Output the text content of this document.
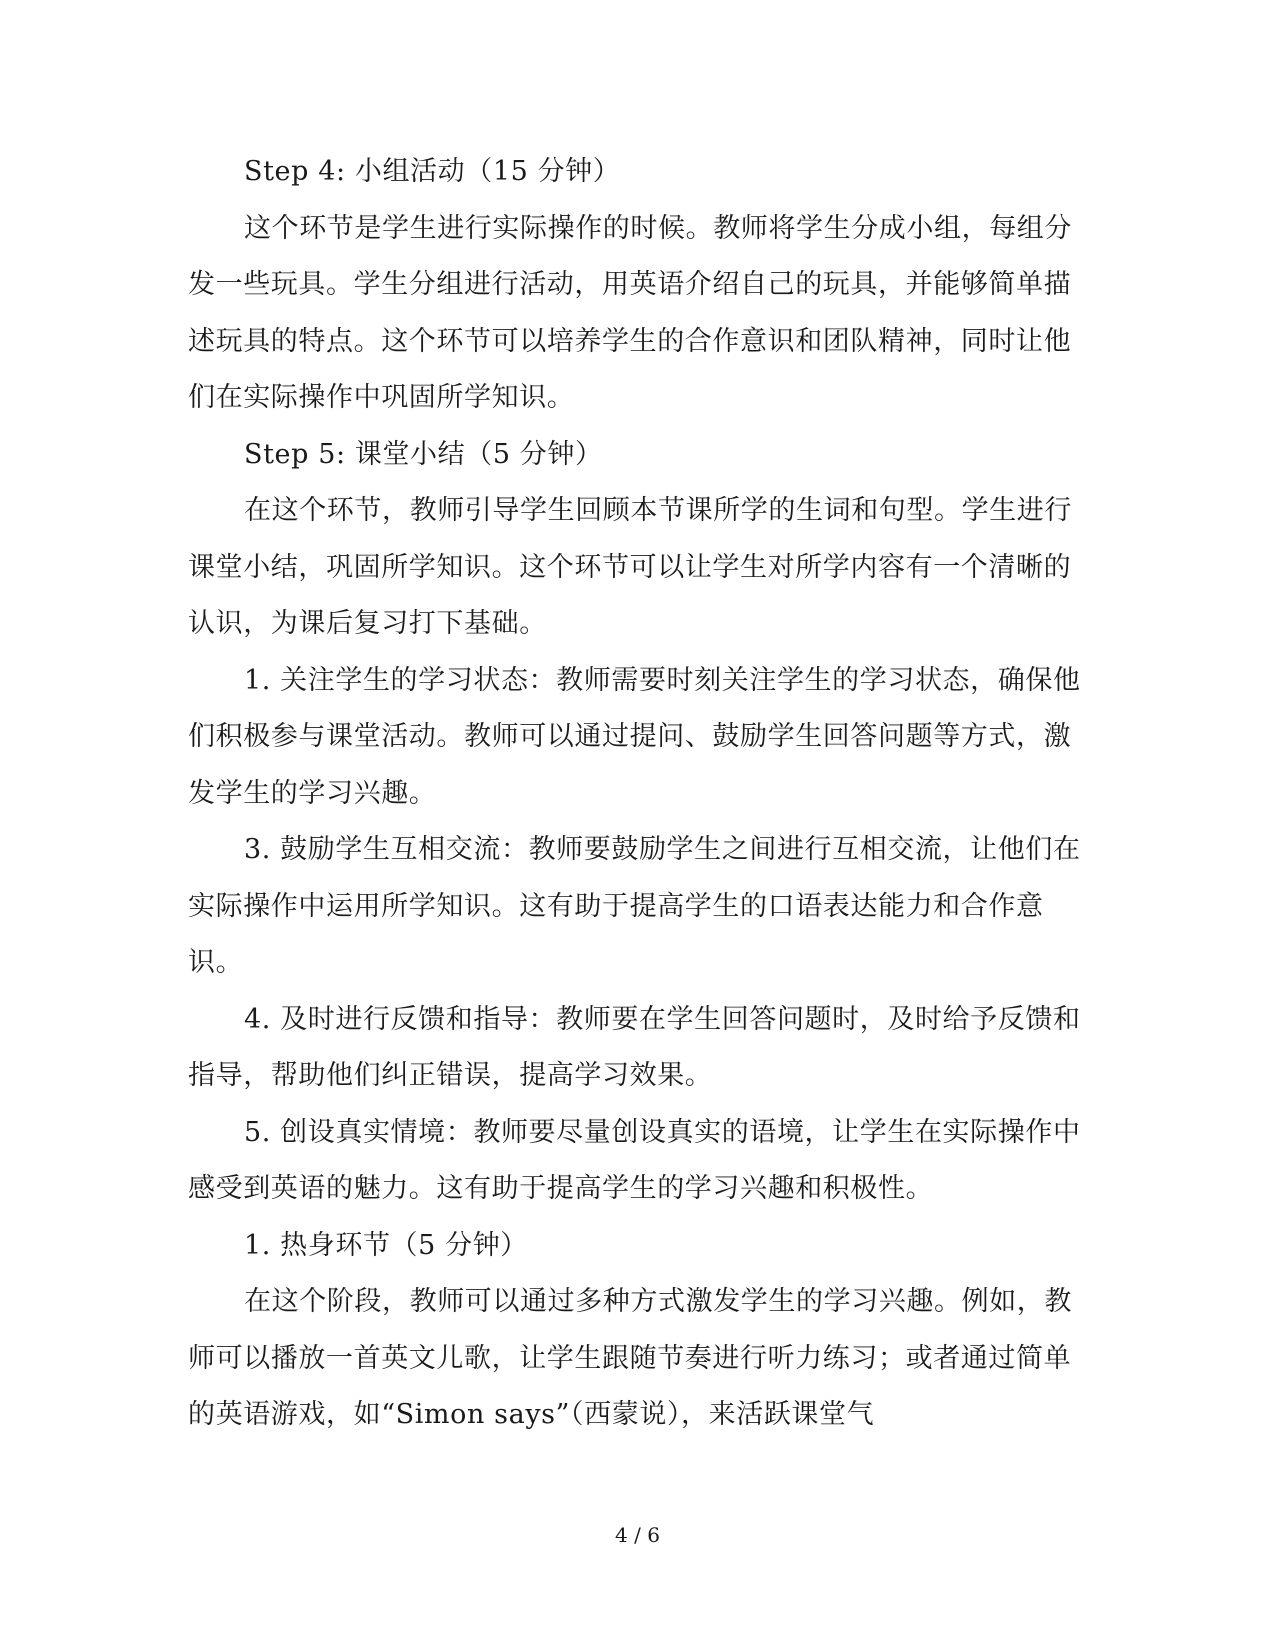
Step 4: 小组活动（15 分钟）

这个环节是学生进行实际操作的时候。教师将学生分成小组，每组分发一些玩具。学生分组进行活动，用英语介绍自己的玩具，并能够简单描述玩具的特点。这个环节可以培养学生的合作意识和团队精神，同时让他们在实际操作中巩固所学知识。

Step 5: 课堂小结（5 分钟）

在这个环节，教师引导学生回顾本节课所学的生词和句型。学生进行课堂小结，巩固所学知识。这个环节可以让学生对所学内容有一个清晰的认识，为课后复习打下基础。

1. 关注学生的学习状态：教师需要时刻关注学生的学习状态，确保他们积极参与课堂活动。教师可以通过提问、鼓励学生回答问题等方式，激发学生的学习兴趣。

3. 鼓励学生互相交流：教师要鼓励学生之间进行互相交流，让他们在实际操作中运用所学知识。这有助于提高学生的口语表达能力和合作意识。

4. 及时进行反馈和指导：教师要在学生回答问题时，及时给予反馈和指导，帮助他们纠正错误，提高学习效果。

5. 创设真实情境：教师要尽量创设真实的语境，让学生在实际操作中感受到英语的魅力。这有助于提高学生的学习兴趣和积极性。

1. 热身环节（5 分钟）

在这个阶段，教师可以通过多种方式激发学生的学习兴趣。例如，教师可以播放一首英文儿歌，让学生跟随节奏进行听力练习；或者通过简单的英语游戏，如“Simon says”（西蒙说），来活跃课堂气

4 / 6
